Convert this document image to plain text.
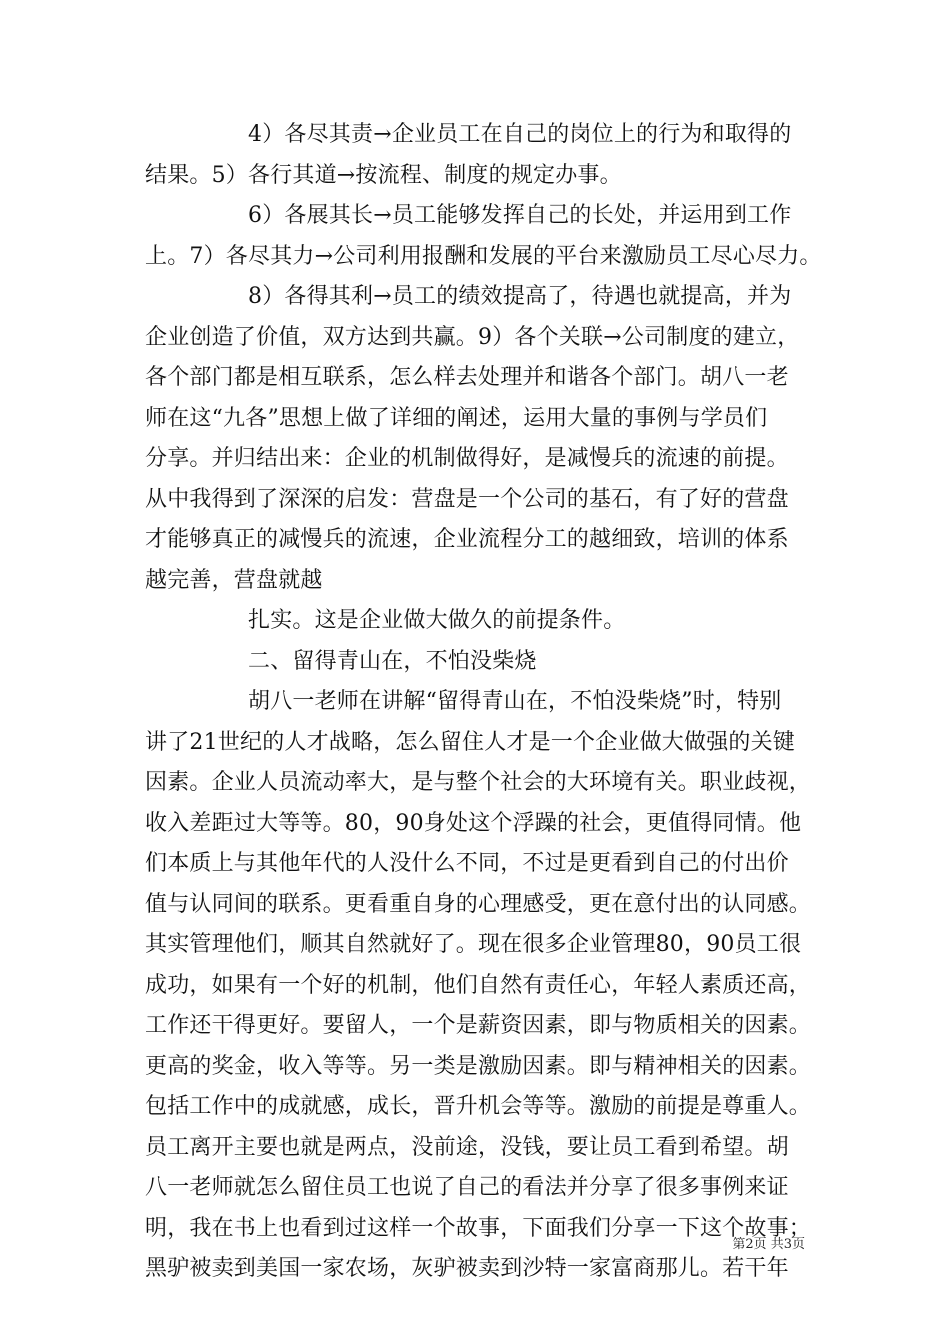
4）各尽其责→企业员工在自己的岗位上的行为和取得的
结果。5）各行其道→按流程、制度的规定办事。
6）各展其长→员工能够发挥自己的长处，并运用到工作
上。7）各尽其力→公司利用报酬和发展的平台来激励员工尽心尽力。
8）各得其利→员工的绩效提高了，待遇也就提高，并为
企业创造了价值，双方达到共赢。9）各个关联→公司制度的建立，
各个部门都是相互联系，怎么样去处理并和谐各个部门。胡八一老
师在这“九各”思想上做了详细的阐述，运用大量的事例与学员们
分享。并归结出来：企业的机制做得好，是减慢兵的流速的前提。
从中我得到了深深的启发：营盘是一个公司的基石，有了好的营盘
才能够真正的减慢兵的流速，企业流程分工的越细致，培训的体系
越完善，营盘就越
扎实。这是企业做大做久的前提条件。
二、留得青山在，不怕没柴烧
胡八一老师在讲解“留得青山在，不怕没柴烧”时，特别
讲了21世纪的人才战略，怎么留住人才是一个企业做大做强的关键
因素。企业人员流动率大，是与整个社会的大环境有关。职业歧视，
收入差距过大等等。80，90身处这个浮躁的社会，更值得同情。他
们本质上与其他年代的人没什么不同，不过是更看到自己的付出价
值与认同间的联系。更看重自身的心理感受，更在意付出的认同感。
其实管理他们，顺其自然就好了。现在很多企业管理80，90员工很
成功，如果有一个好的机制，他们自然有责任心，年轻人素质还高，
工作还干得更好。要留人，一个是薪资因素，即与物质相关的因素。
更高的奖金，收入等等。另一类是激励因素。即与精神相关的因素。
包括工作中的成就感，成长，晋升机会等等。激励的前提是尊重人。
员工离开主要也就是两点，没前途，没钱，要让员工看到希望。胡
八一老师就怎么留住员工也说了自己的看法并分享了很多事例来证
明，我在书上也看到过这样一个故事，下面我们分享一下这个故事；
黑驴被卖到美国一家农场，灰驴被卖到沙特一家富商那儿。若干年
第2页 共3页
